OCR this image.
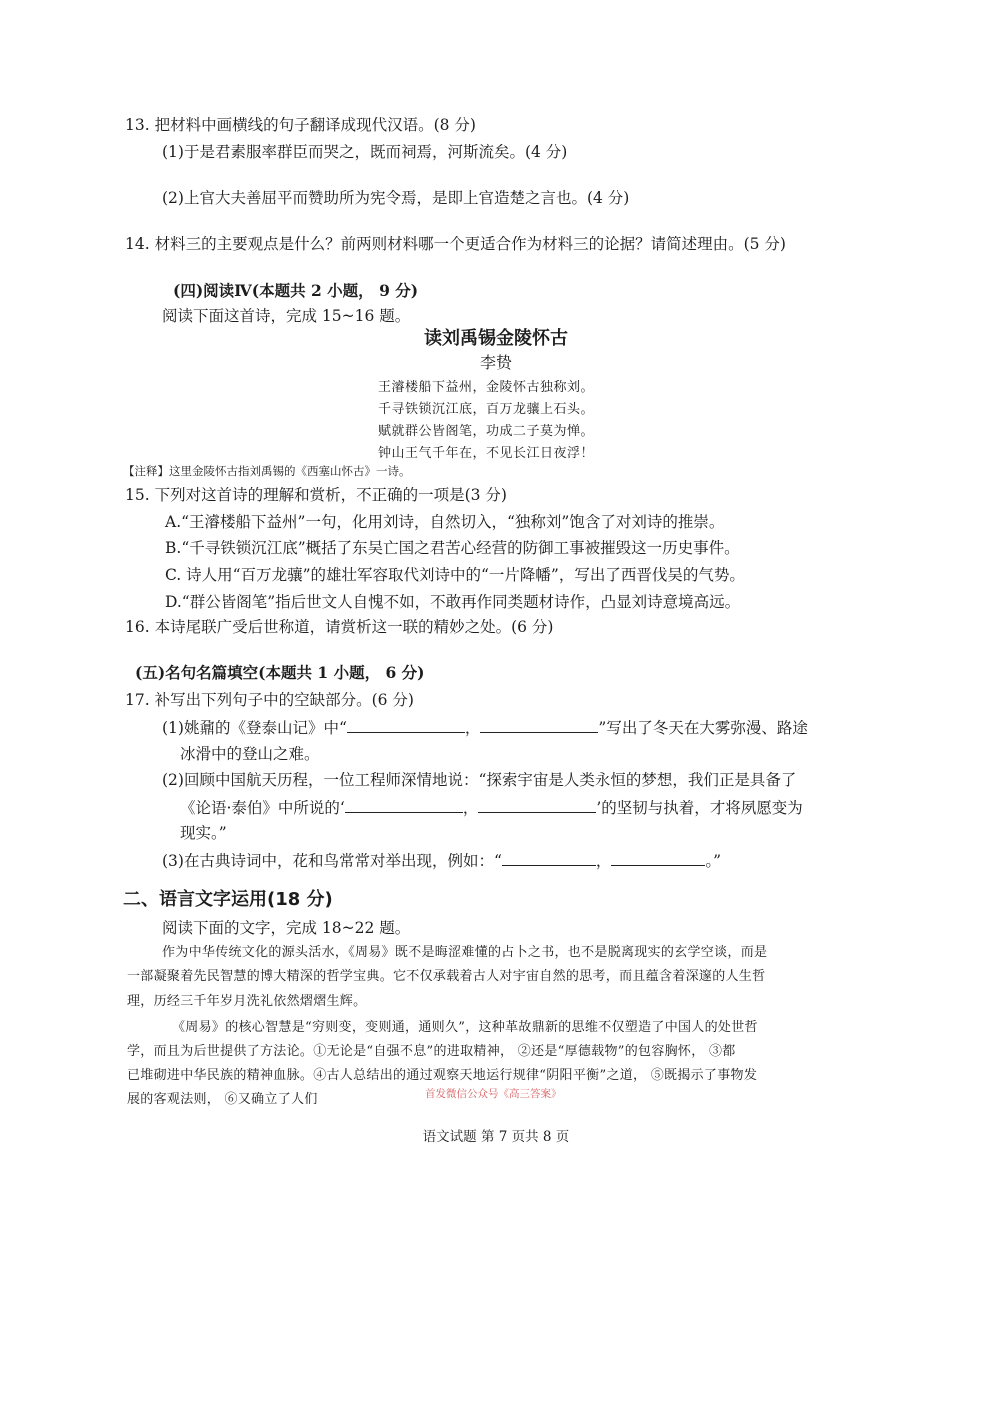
13. 把材料中画横线的句子翻译成现代汉语。(8 分)
(1)于是君素服率群臣而哭之，既而祠焉，河斯流矣。(4 分)
(2)上官大夫善屈平而赞助所为宪令焉，是即上官造楚之言也。(4 分)
14. 材料三的主要观点是什么？前两则材料哪一个更适合作为材料三的论据？请简述理由。(5 分)
(四)阅读Ⅳ(本题共 2 小题， 9 分)
阅读下面这首诗，完成 15~16 题。
读刘禹锡金陵怀古
李贽
王濬楼船下益州，金陵怀古独称刘。
千寻铁锁沉江底，百万龙骧上石头。
赋就群公皆阁笔，功成二子莫为惮。
钟山王气千年在，不见长江日夜浮！
【注释】这里金陵怀古指刘禹锡的《西塞山怀古》一诗。
15. 下列对这首诗的理解和赏析，不正确的一项是(3 分)
A.“王濬楼船下益州”一句，化用刘诗，自然切入，“独称刘”饱含了对刘诗的推崇。
B.“千寻铁锁沉江底”概括了东吴亡国之君苦心经营的防御工事被摧毁这一历史事件。
C. 诗人用“百万龙骧”的雄壮军容取代刘诗中的“一片降幡”，写出了西晋伐吴的气势。
D.“群公皆阁笔”指后世文人自愧不如，不敢再作同类题材诗作，凸显刘诗意境高远。
16. 本诗尾联广受后世称道，请赏析这一联的精妙之处。(6 分)
(五)名句名篇填空(本题共 1 小题， 6 分)
17. 补写出下列句子中的空缺部分。(6 分)
(1)姚鼐的《登泰山记》中“	，	”写出了冬天在大雾弥漫、路途
冰滑中的登山之难。
(2)回顾中国航天历程，一位工程师深情地说：“探索宇宙是人类永恒的梦想，我们正是具备了
《论语·泰伯》中所说的‘	，	’的坚韧与执着，才将夙愿变为
现实。”
(3)在古典诗词中，花和鸟常常对举出现，例如：“	，	。”
二、语言文字运用(18 分)
阅读下面的文字，完成 18~22 题。
作为中华传统文化的源头活水，《周易》既不是晦涩难懂的占卜之书，也不是脱离现实的玄学空谈，而是
一部凝聚着先民智慧的博大精深的哲学宝典。它不仅承载着古人对宇宙自然的思考，而且蕴含着深邃的人生哲
理，历经三千年岁月洗礼依然熠熠生辉。
《周易》的核心智慧是“穷则变，变则通，通则久”，这种革故鼎新的思维不仅塑造了中国人的处世哲
学，而且为后世提供了方法论。①无论是“自强不息”的进取精神， ②还是“厚德载物”的包容胸怀， ③都
已堆砌进中华民族的精神血脉。④古人总结出的通过观察天地运行规律“阴阳平衡”之道， ⑤既揭示了事物发
展的客观法则， ⑥又确立了人们	首发微信公众号《高三答案》
语文试题 第 7 页共 8 页
